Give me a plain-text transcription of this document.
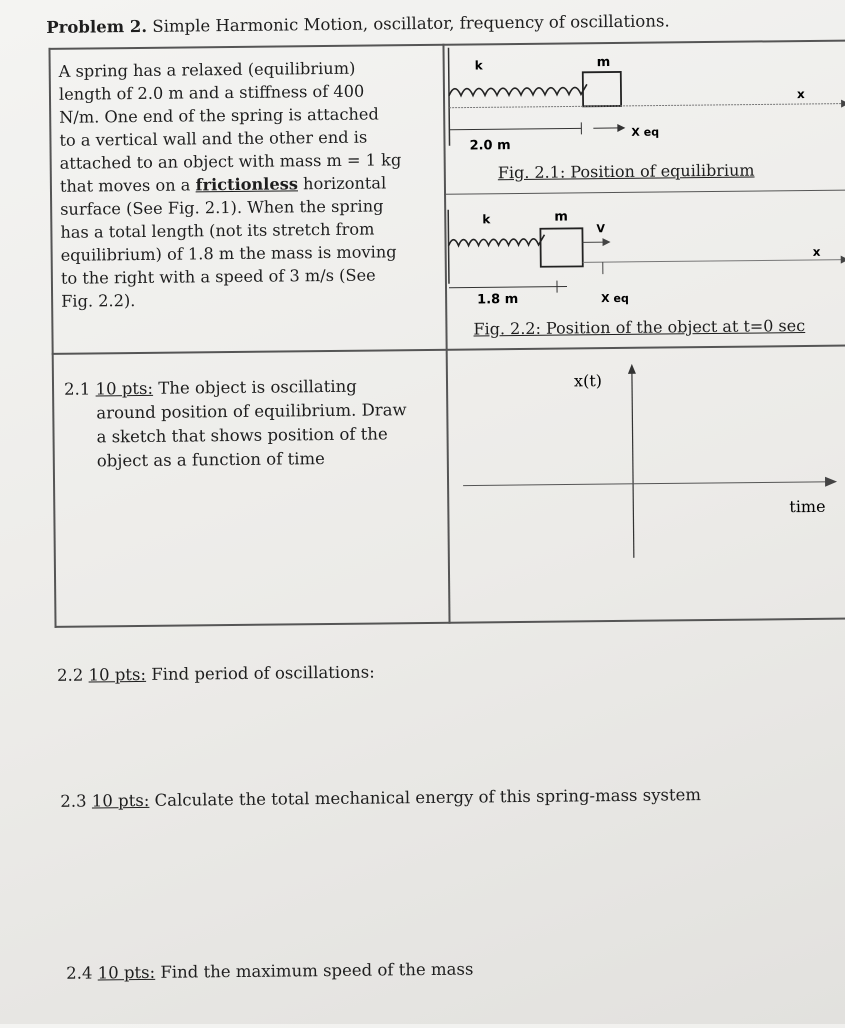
Problem 2. Simple Harmonic Motion, oscillator, frequency of oscillations.
A spring has a relaxed (equilibrium)
length of 2.0 m and a stiffness of 400
N/m. One end of the spring is attached
to a vertical wall and the other end is
attached to an object with mass m = 1 kg
that moves on a frictionless horizontal
surface (See Fig. 2.1). When the spring
has a total length (not its stretch from
equilibrium) of 1.8 m the mass is moving
to the right with a speed of 3 m/s (See
Fig. 2.2).
k	m
x
2.0 m
X eq
Fig. 2.1: Position of equilibrium
k	m
V
x
1.8 m	X eq
Fig. 2.2: Position of the object at t=0 sec
2.1 10 pts: The object is oscillating
around position of equilibrium. Draw
a sketch that shows position of the
object as a function of time
x(t)
time
2.2 10 pts: Find period of oscillations:
2.3 10 pts: Calculate the total mechanical energy of this spring-mass system
2.4 10 pts: Find the maximum speed of the mass
